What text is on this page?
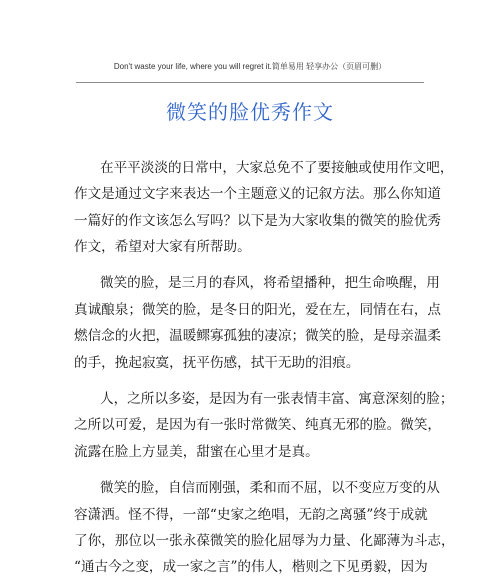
Don't waste your life, where you will regret it.简单易用 轻享办公（页眉可删）
微笑的脸优秀作文
在平平淡淡的日常中，大家总免不了要接触或使用作文吧，
作文是通过文字来表达一个主题意义的记叙方法。那么你知道
一篇好的作文该怎么写吗？以下是为大家收集的微笑的脸优秀
作文，希望对大家有所帮助。
微笑的脸，是三月的春风，将希望播种，把生命唤醒，用
真诚酿泉；微笑的脸，是冬日的阳光，爱在左，同情在右，点
燃信念的火把，温暖鳏寡孤独的凄凉；微笑的脸，是母亲温柔
的手，挽起寂寞，抚平伤感，拭干无助的泪痕。
人，之所以多姿，是因为有一张表情丰富、寓意深刻的脸；
之所以可爱，是因为有一张时常微笑、纯真无邪的脸。微笑，
流露在脸上方显美，甜蜜在心里才是真。
微笑的脸，自信而刚强，柔和而不屈，以不变应万变的从
容潇洒。怪不得，一部“史家之绝唱，无韵之离骚”终于成就
了你，那位以一张永葆微笑的脸化屈辱为力量、化鄙薄为斗志，
“通古今之变，成一家之言”的伟人，楷则之下见勇毅，因为
